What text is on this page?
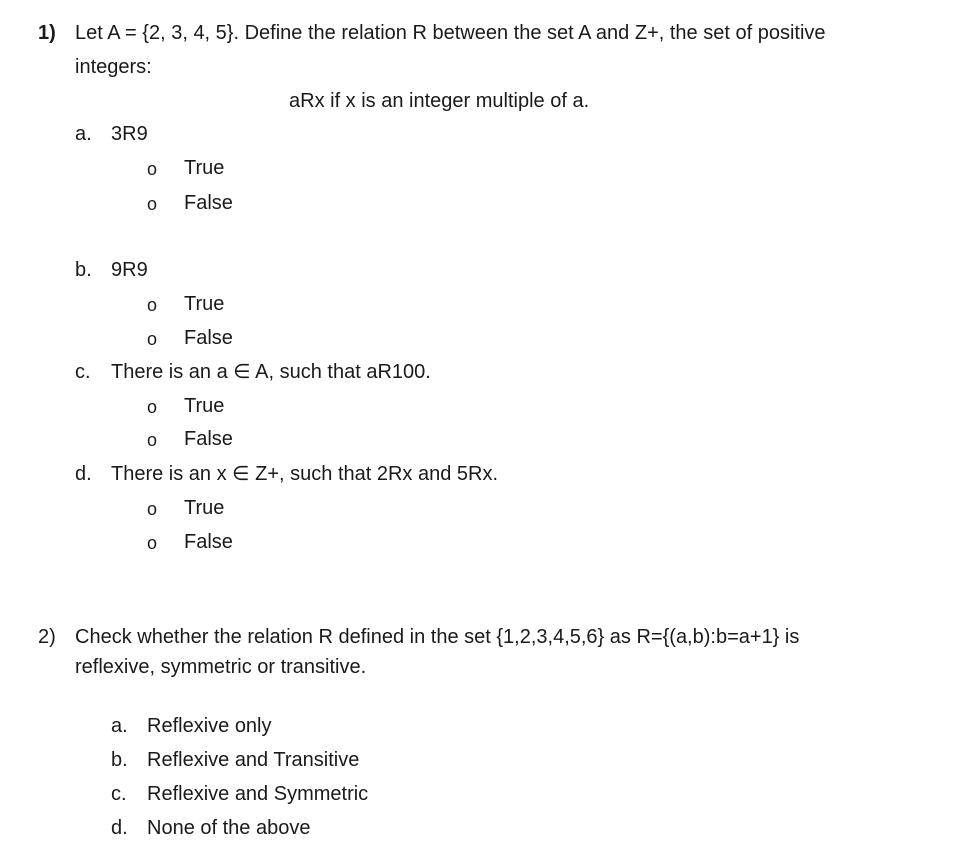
1) Let A = {2, 3, 4, 5}. Define the relation R between the set A and Z+, the set of positive
integers:
aRx if x is an integer multiple of a.
a. 3R9
o True
o False
b. 9R9
o True
o False
c. There is an a ∈ A, such that aR100.
o True
o False
d. There is an x ∈ Z+, such that 2Rx and 5Rx.
o True
o False
2) Check whether the relation R defined in the set {1,2,3,4,5,6} as R={(a,b):b=a+1} is
reflexive, symmetric or transitive.
a. Reflexive only
b. Reflexive and Transitive
c. Reflexive and Symmetric
d. None of the above
